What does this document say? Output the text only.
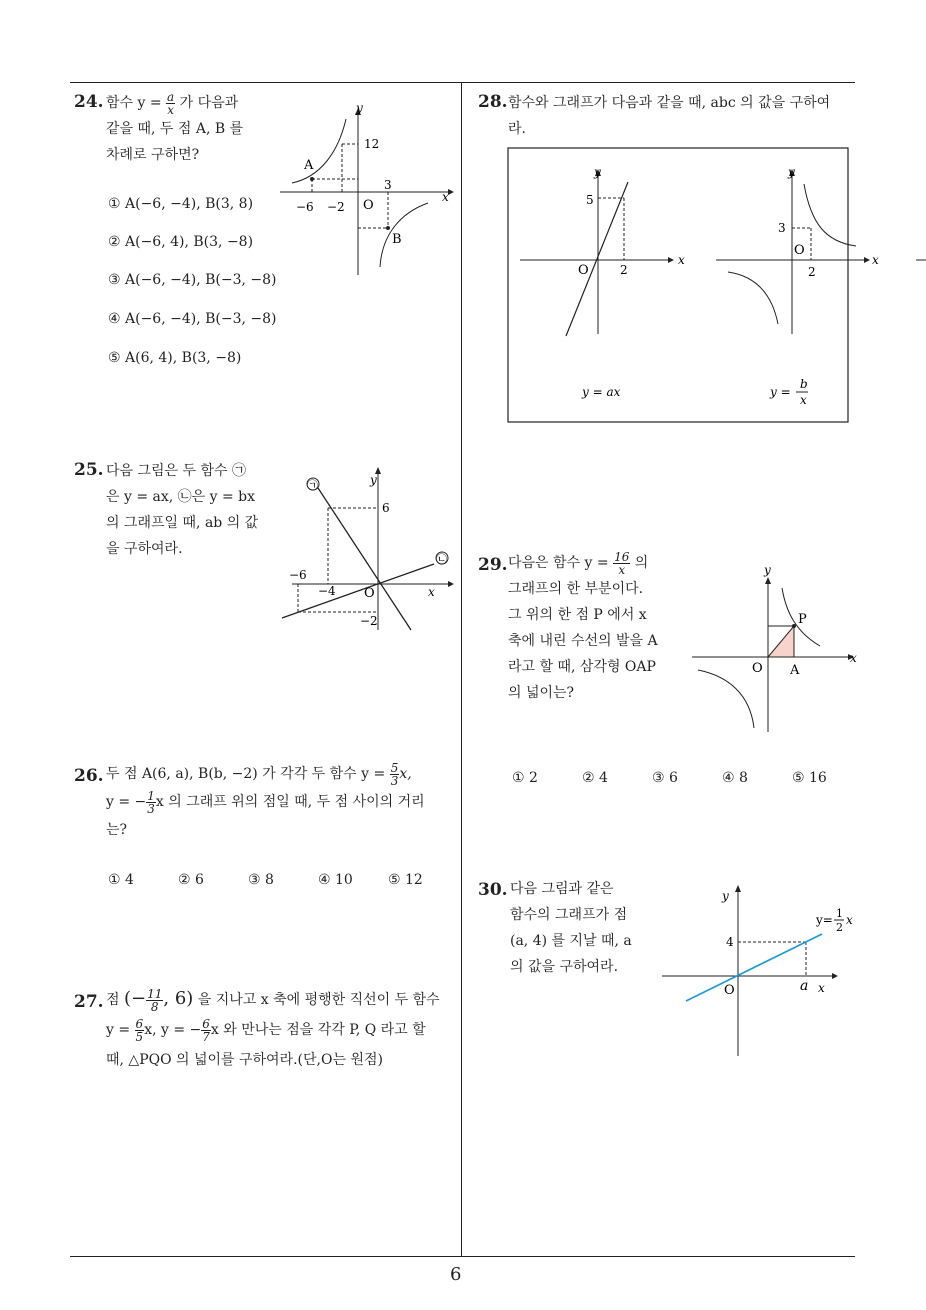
24. 함수 $y = \frac{a}{x}$ 가 다음과
같을 때, 두 점 A, B 를
차례로 구하면?
① A(−6, −4), B(3, 8)
② A(−6, 4), B(3, −8)
③ A(−6, −4), B(−3, −8)
④ A(−6, −4), B(−3, −8)
⑤ A(6, 4), B(3, −8)
y
x
12
3
O
−6 −2
A
B
25. 다음 그림은 두 함수 ㉠
은 y = ax, ㉡은 y = bx
의 그래프일 때, ab 의 값
을 구하여라.
㉠
㉡
y
x
6
−6
−4 O
−2
26. 두 점 A(6, a), B(b, −2) 가 각각 두 함수 $y = \frac{5}{3} x$,
y = − $\frac{1}{3}$ x 의 그래프 위의 점일 때, 두 점 사이의 거리
는?
① 4	② 6	③ 8	④ 10	⑤ 12
27. 점 (− $\frac{11}{8}$ , 6) 을 지나고 x 축에 평행한 직선이 두 함수
$y = \frac{6}{5} x$, y = − $\frac{6}{7}$ x 와 만나는 점을 각각 P, Q 라고 할
때, △PQO 의 넓이를 구하여라.(단,O는 원점)
28. 함수와 그래프가 다음과 같을 때, abc 의 값을 구하여
라.
y
x
5
O	2
y
x
3
O
2
y = ax	y =
b
x
29. 다음은 함수 $y = \frac{16}{x}$ 의
그래프의 한 부분이다.
그 위의 한 점 P 에서 x
축에 내린 수선의 발을 A
라고 할 때, 삼각형 OAP
의 넓이는?
y
x
P
O A
① 2	② 4	③ 6	④ 8	⑤ 16
30. 다음 그림과 같은
함수의 그래프가 점
(a, 4) 를 지날 때, a
의 값을 구하여라.
y
x
4
O	a
y= 1
2
x
6
